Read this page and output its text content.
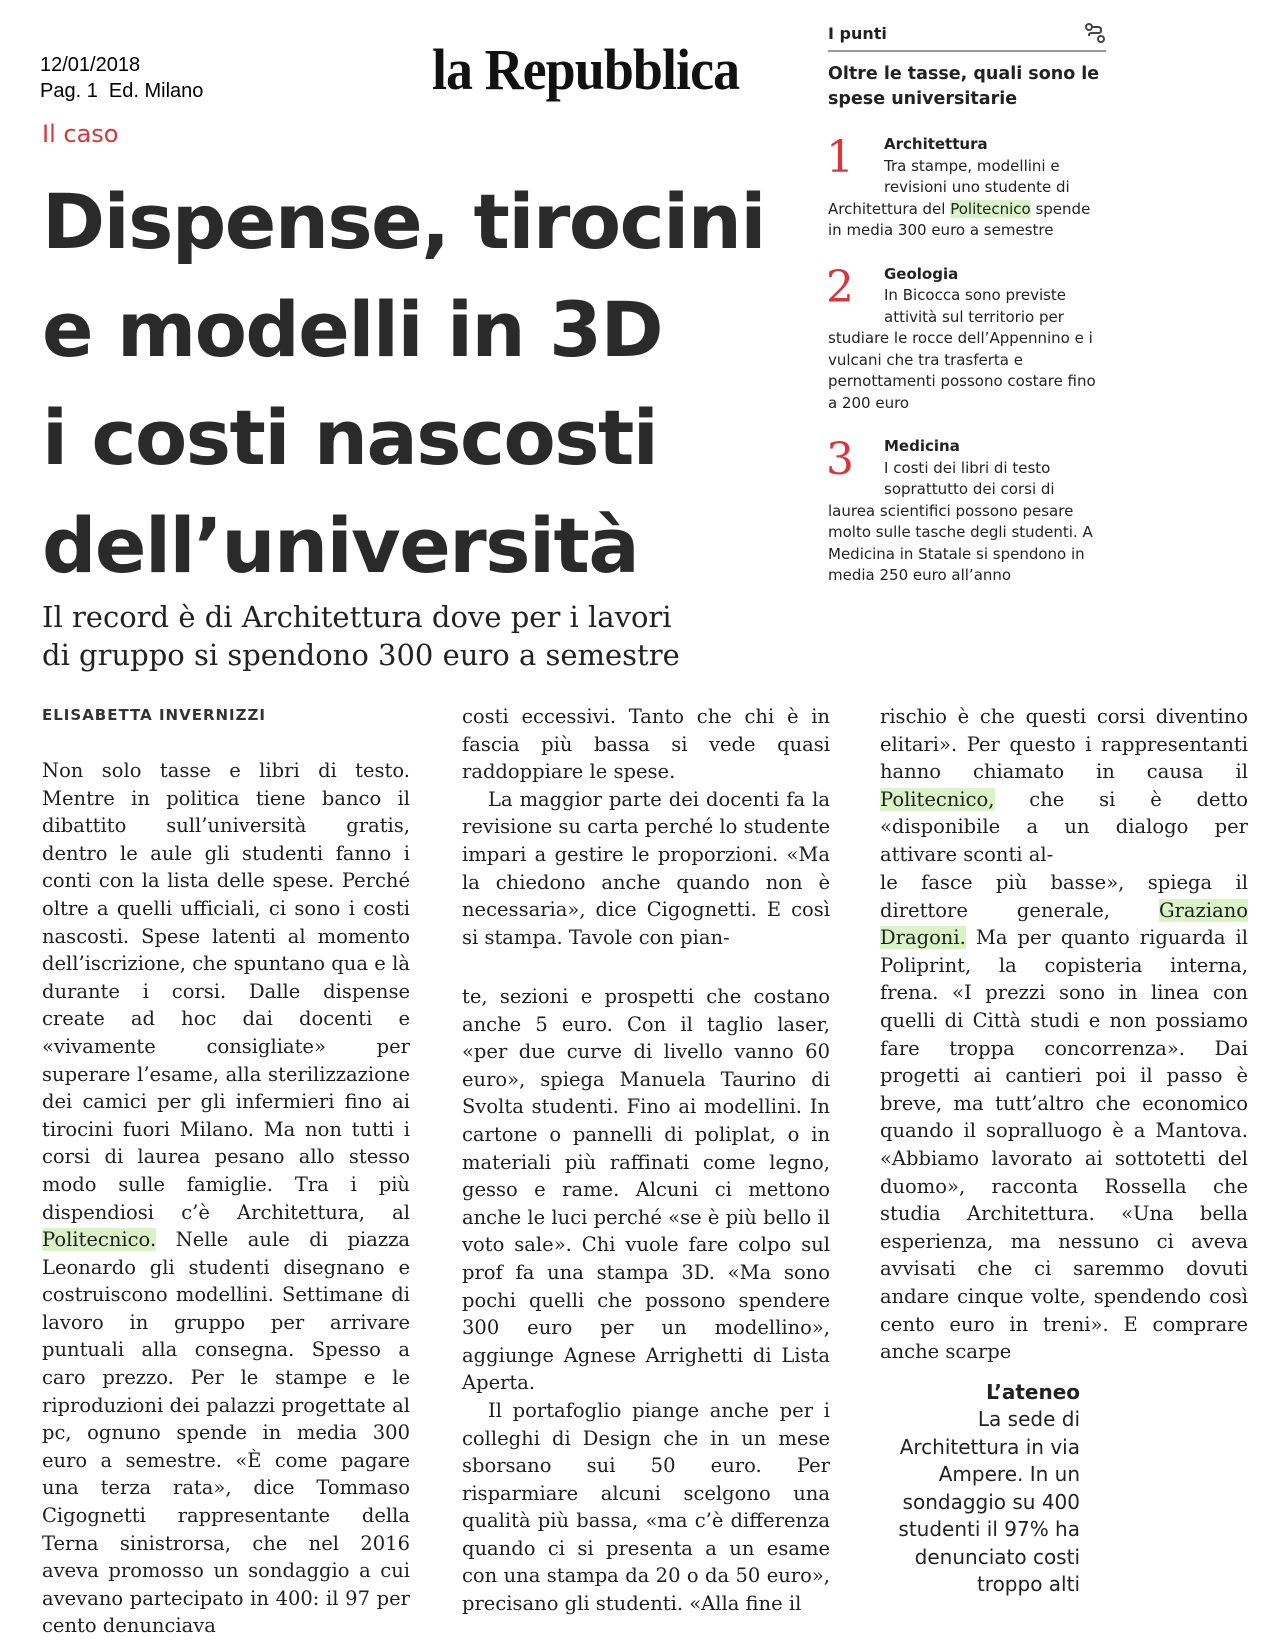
12/01/2018
Pag. 1  Ed. Milano	la Repubblica
Il caso
Dispense, tirocini
e modelli in 3D
i costi nascosti
dell’università
Il record è di Architettura dove per i lavori
di gruppo si spendono 300 euro a semestre
ELISABETTA INVERNIZZI

Non solo tasse e libri di testo. Mentre in politica tiene banco il dibattito sull’università gratis, dentro le aule gli studenti fanno i conti con la lista delle spese. Perché oltre a quelli ufficiali, ci sono i costi nascosti. Spese latenti al momento dell’iscrizione, che spuntano qua e là durante i corsi. Dalle dispense create ad hoc dai docenti e «vivamente consigliate» per superare l’esame, alla sterilizzazione dei camici per gli infermieri fino ai tirocini fuori Milano. Ma non tutti i corsi di laurea pesano allo stesso modo sulle famiglie. Tra i più dispendiosi c’è Architettura, al Politecnico. Nelle aule di piazza Leonardo gli studenti disegnano e costruiscono modellini. Settimane di lavoro in gruppo per arrivare puntuali alla consegna. Spesso a caro prezzo. Per le stampe e le riproduzioni dei palazzi progettate al pc, ognuno spende in media 300 euro a semestre. «È come pagare una terza rata», dice Tommaso Cigognetti rappresentante della Terna sinistrorsa, che nel 2016 aveva promosso un sondaggio a cui avevano partecipato in 400: il 97 per cento denunciava

costi eccessivi. Tanto che chi è in fascia più bassa si vede quasi raddoppiare le spese.

La maggior parte dei docenti fa la revisione su carta perché lo studente impari a gestire le proporzioni. «Ma la chiedono anche quando non è necessaria», dice Cigognetti. E così si stampa. Tavole con pian-

te, sezioni e prospetti che costano anche 5 euro. Con il taglio laser, «per due curve di livello vanno 60 euro», spiega Manuela Taurino di Svolta studenti. Fino ai modellini. In cartone o pannelli di poliplat, o in materiali più raffinati come legno, gesso e rame. Alcuni ci mettono anche le luci perché «se è più bello il voto sale». Chi vuole fare colpo sul prof fa una stampa 3D. «Ma sono pochi quelli che possono spendere 300 euro per un modellino», aggiunge Agnese Arrighetti di Lista Aperta.

Il portafoglio piange anche per i colleghi di Design che in un mese sborsano sui 50 euro. Per risparmiare alcuni scelgono una qualità più bassa, «ma c’è differenza quando ci si presenta a un esame con una stampa da 20 o da 50 euro», precisano gli studenti. «Alla fine il

rischio è che questi corsi diventino elitari». Per questo i rappresentanti hanno chiamato in causa il Politecnico, che si è detto «disponibile a un dialogo per attivare sconti al-

le fasce più basse», spiega il direttore generale, Graziano Dragoni. Ma per quanto riguarda il Poliprint, la copisteria interna, frena. «I prezzi sono in linea con quelli di Città studi e non possiamo fare troppa concorrenza». Dai progetti ai cantieri poi il passo è breve, ma tutt’altro che economico quando il sopralluogo è a Mantova. «Abbiamo lavorato ai sottotetti del duomo», racconta Rossella che studia Architettura. «Una bella esperienza, ma nessuno ci aveva avvisati che ci saremmo dovuti andare cinque volte, spendendo così cento euro in treni». E comprare anche scarpe

I punti
Oltre le tasse, quali sono le spese universitarie
1	Architettura
Tra stampe, modellini e revisioni uno studente di
Architettura del Politecnico spende in media 300 euro a semestre
2	Geologia
In Bicocca sono previste attività sul territorio per
studiare le rocce dell’Appennino e i vulcani che tra trasferta e pernottamenti possono costare fino a 200 euro
3	Medicina
I costi dei libri di testo soprattutto dei corsi di
laurea scientifici possono pesare molto sulle tasche degli studenti. A Medicina in Statale si spendono in media 250 euro all’anno
L’ateneo
La sede di Architettura in via Ampere. In un sondaggio su 400 studenti il 97% ha denunciato costi troppo alti
